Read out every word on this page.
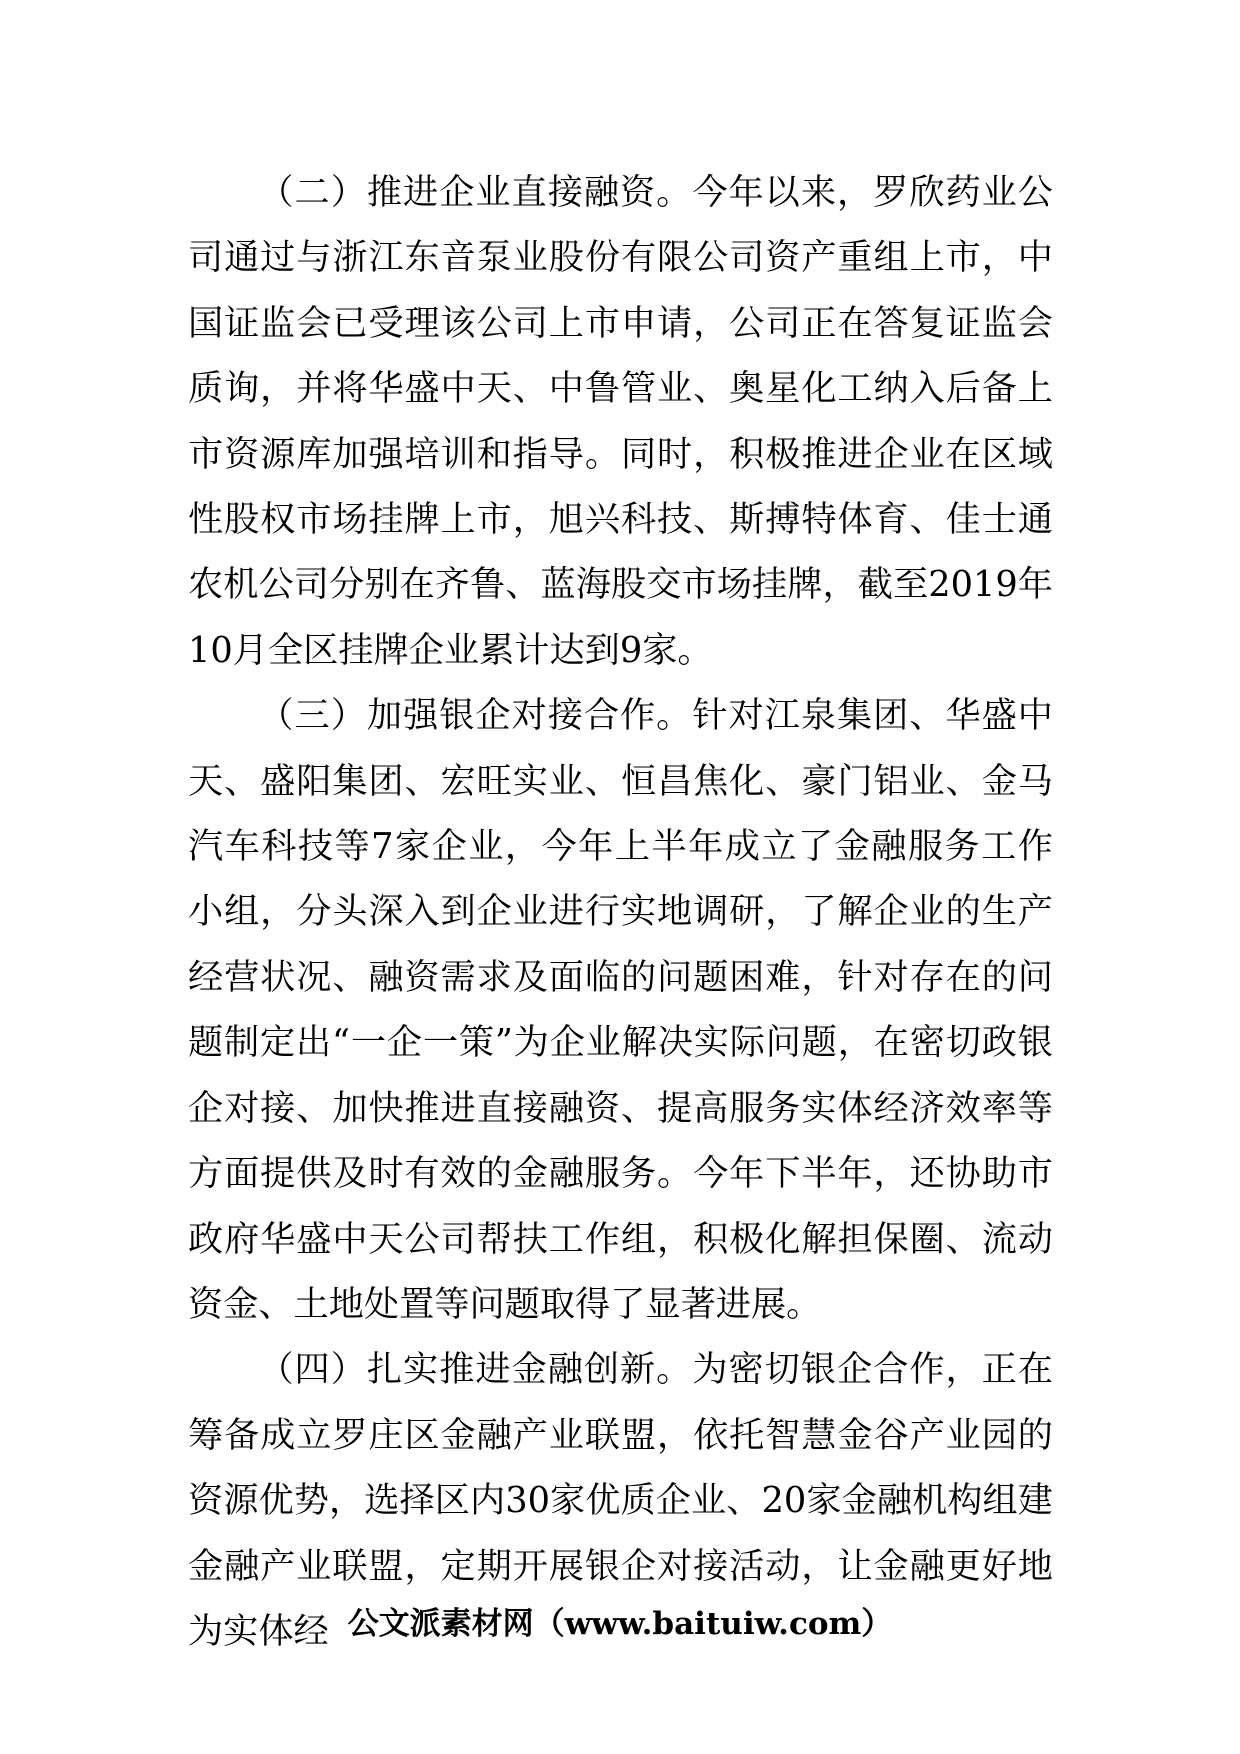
（二）推进企业直接融资。今年以来，罗欣药业公司通过与浙江东音泵业股份有限公司资产重组上市，中国证监会已受理该公司上市申请，公司正在答复证监会质询，并将华盛中天、中鲁管业、奥星化工纳入后备上市资源库加强培训和指导。同时，积极推进企业在区域性股权市场挂牌上市，旭兴科技、斯搏特体育、佳士通农机公司分别在齐鲁、蓝海股交市场挂牌，截至2019年10月全区挂牌企业累计达到9家。

（三）加强银企对接合作。针对江泉集团、华盛中天、盛阳集团、宏旺实业、恒昌焦化、豪门铝业、金马汽车科技等7家企业，今年上半年成立了金融服务工作小组，分头深入到企业进行实地调研，了解企业的生产经营状况、融资需求及面临的问题困难，针对存在的问题制定出“一企一策”为企业解决实际问题，在密切政银企对接、加快推进直接融资、提高服务实体经济效率等方面提供及时有效的金融服务。今年下半年，还协助市政府华盛中天公司帮扶工作组，积极化解担保圈、流动资金、土地处置等问题取得了显著进展。

（四）扎实推进金融创新。为密切银企合作，正在筹备成立罗庄区金融产业联盟，依托智慧金谷产业园的资源优势，选择区内30家优质企业、20家金融机构组建金融产业联盟，定期开展银企对接活动，让金融更好地为实体经 公文派素材网（www.baituiw.com）
